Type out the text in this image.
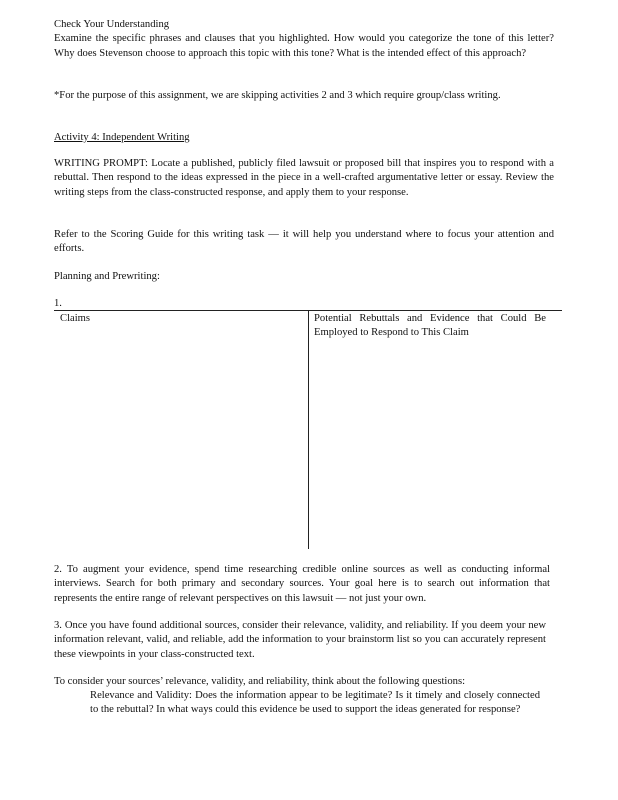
Check Your Understanding

Examine the specific phrases and clauses that you highlighted. How would you categorize the tone of this letter? Why does Stevenson choose to approach this topic with this tone? What is the intended effect of this approach?

*For the purpose of this assignment, we are skipping activities 2 and 3 which require group/class writing.

Activity 4: Independent Writing

WRITING PROMPT: Locate a published, publicly filed lawsuit or proposed bill that inspires you to respond with a rebuttal. Then respond to the ideas expressed in the piece in a well-crafted argumentative letter or essay. Review the writing steps from the class-constructed response, and apply them to your response.

Refer to the Scoring Guide for this writing task — it will help you understand where to focus your attention and efforts.

Planning and Prewriting:

1.

Claims	Potential Rebuttals and Evidence that Could Be Employed to Respond to This Claim

2. To augment your evidence, spend time researching credible online sources as well as conducting informal interviews. Search for both primary and secondary sources. Your goal here is to search out information that represents the entire range of relevant perspectives on this lawsuit — not just your own.

3. Once you have found additional sources, consider their relevance, validity, and reliability. If you deem your new information relevant, valid, and reliable, add the information to your brainstorm list so you can accurately represent these viewpoints in your class-constructed text.

To consider your sources’ relevance, validity, and reliability, think about the following questions:

Relevance and Validity: Does the information appear to be legitimate? Is it timely and closely connected to the rebuttal? In what ways could this evidence be used to support the ideas generated for response?
